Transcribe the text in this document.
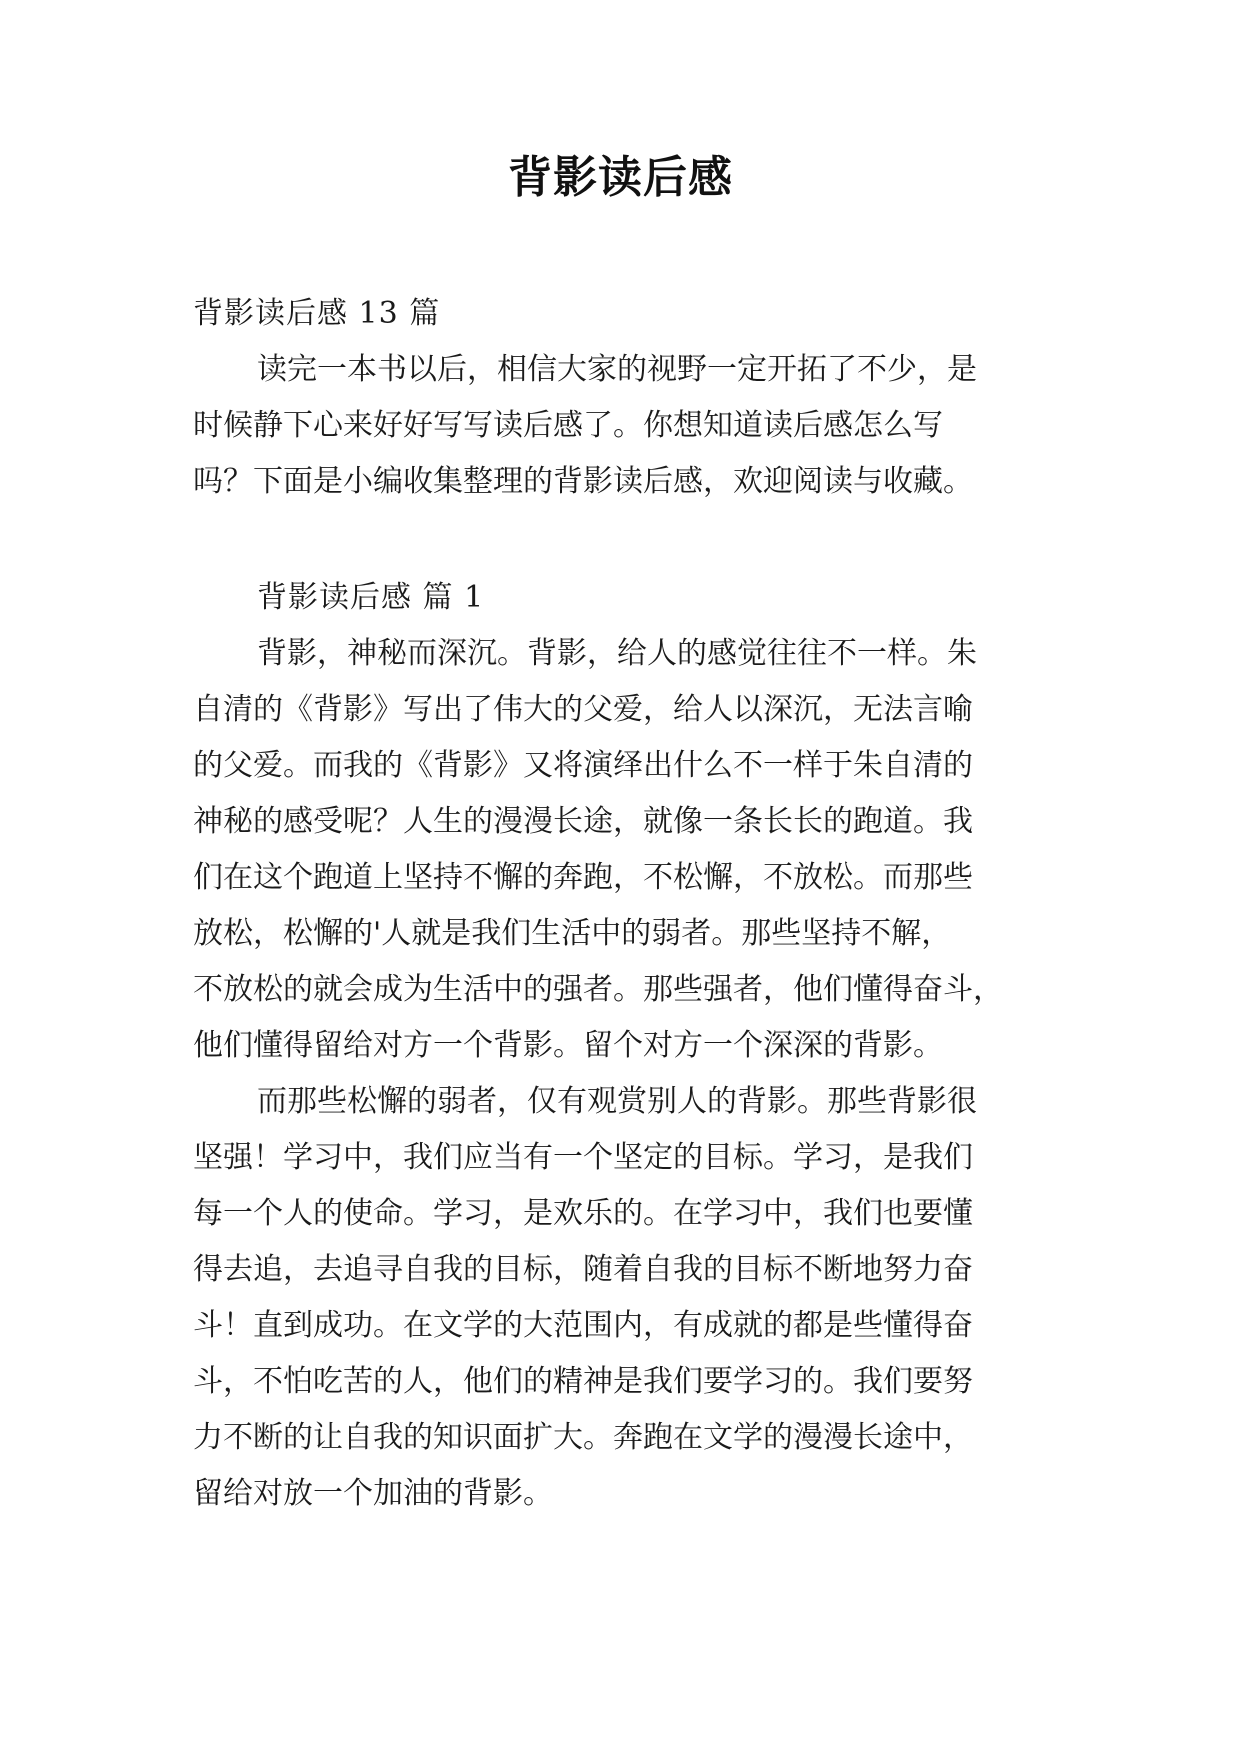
背影读后感

背影读后感 13 篇

读完一本书以后，相信大家的视野一定开拓了不少，是

时候静下心来好好写写读后感了。你想知道读后感怎么写

吗？下面是小编收集整理的背影读后感，欢迎阅读与收藏。

背影读后感 篇 1

背影，神秘而深沉。背影，给人的感觉往往不一样。朱

自清的《背影》写出了伟大的父爱，给人以深沉，无法言喻

的父爱。而我的《背影》又将演绎出什么不一样于朱自清的

神秘的感受呢？人生的漫漫长途，就像一条长长的跑道。我

们在这个跑道上坚持不懈的奔跑，不松懈，不放松。而那些

放松，松懈的'人就是我们生活中的弱者。那些坚持不解，

不放松的就会成为生活中的强者。那些强者，他们懂得奋斗，

他们懂得留给对方一个背影。留个对方一个深深的背影。

而那些松懈的弱者，仅有观赏别人的背影。那些背影很

坚强！学习中，我们应当有一个坚定的目标。学习，是我们

每一个人的使命。学习，是欢乐的。在学习中，我们也要懂

得去追，去追寻自我的目标，随着自我的目标不断地努力奋

斗！直到成功。在文学的大范围内，有成就的都是些懂得奋

斗，不怕吃苦的人，他们的精神是我们要学习的。我们要努

力不断的让自我的知识面扩大。奔跑在文学的漫漫长途中，

留给对放一个加油的背影。
